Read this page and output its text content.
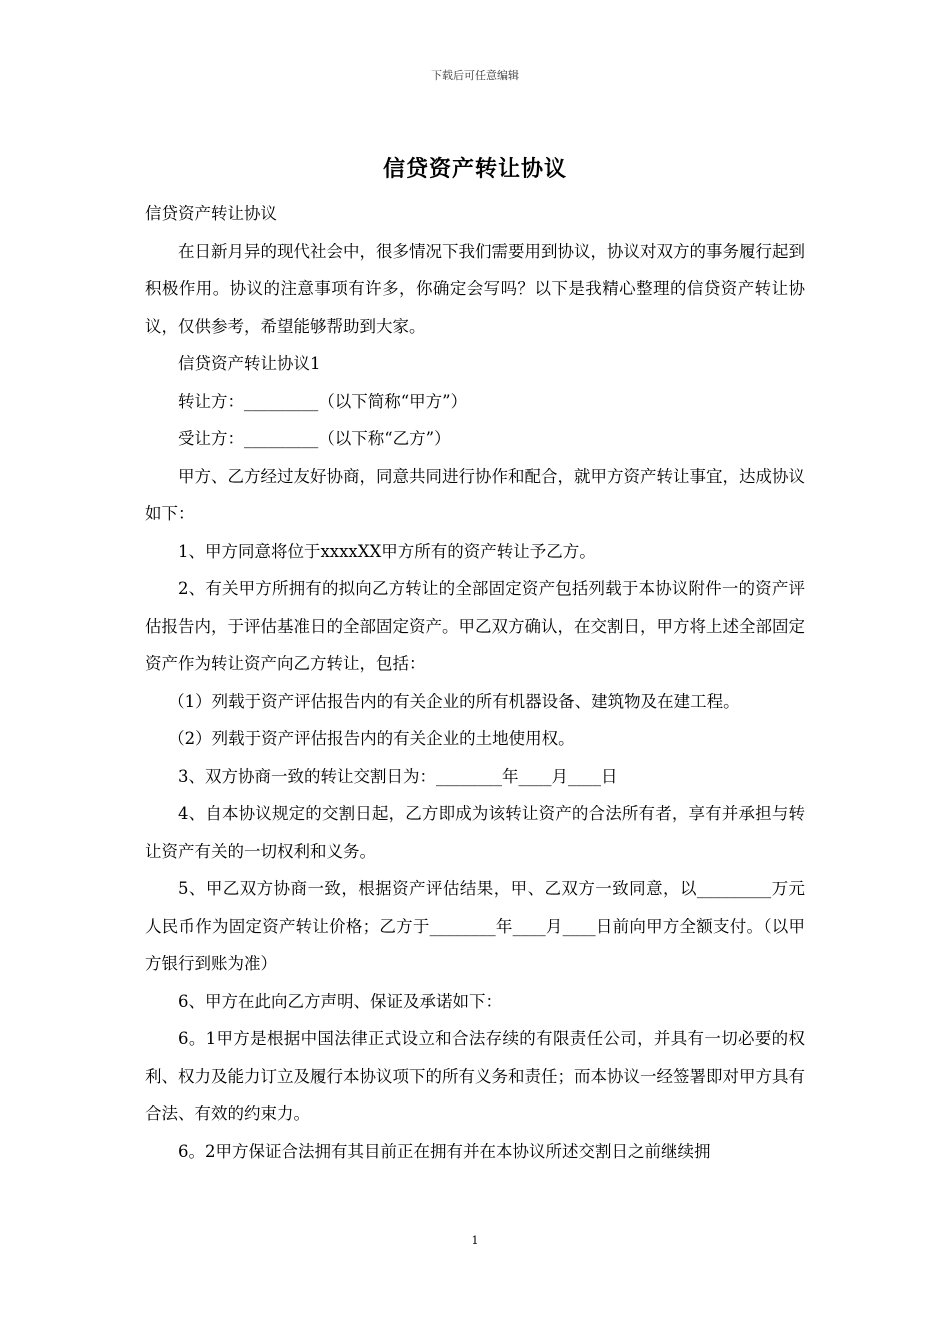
下载后可任意编辑
信贷资产转让协议
信贷资产转让协议
在日新月异的现代社会中，很多情况下我们需要用到协议，协议对双方的事务履行起到积极作用。协议的注意事项有许多，你确定会写吗？以下是我精心整理的信贷资产转让协议，仅供参考，希望能够帮助到大家。
信贷资产转让协议1
转让方：_________（以下简称“甲方”）
受让方：_________（以下称“乙方”）
甲方、乙方经过友好协商，同意共同进行协作和配合，就甲方资产转让事宜，达成协议如下：
1、甲方同意将位于xxxxXX甲方所有的资产转让予乙方。
2、有关甲方所拥有的拟向乙方转让的全部固定资产包括列载于本协议附件一的资产评估报告内，于评估基准日的全部固定资产。甲乙双方确认，在交割日，甲方将上述全部固定资产作为转让资产向乙方转让，包括：
（1）列载于资产评估报告内的有关企业的所有机器设备、建筑物及在建工程。
（2）列载于资产评估报告内的有关企业的土地使用权。
3、双方协商一致的转让交割日为：________年____月____日
4、自本协议规定的交割日起，乙方即成为该转让资产的合法所有者，享有并承担与转让资产有关的一切权利和义务。
5、甲乙双方协商一致，根据资产评估结果，甲、乙双方一致同意，以_________万元人民币作为固定资产转让价格；乙方于________年____月____日前向甲方全额支付。（以甲方银行到账为准）
6、甲方在此向乙方声明、保证及承诺如下：
6。1甲方是根据中国法律正式设立和合法存续的有限责任公司，并具有一切必要的权利、权力及能力订立及履行本协议项下的所有义务和责任；而本协议一经签署即对甲方具有合法、有效的约束力。
6。2甲方保证合法拥有其目前正在拥有并在本协议所述交割日之前继续拥
1
